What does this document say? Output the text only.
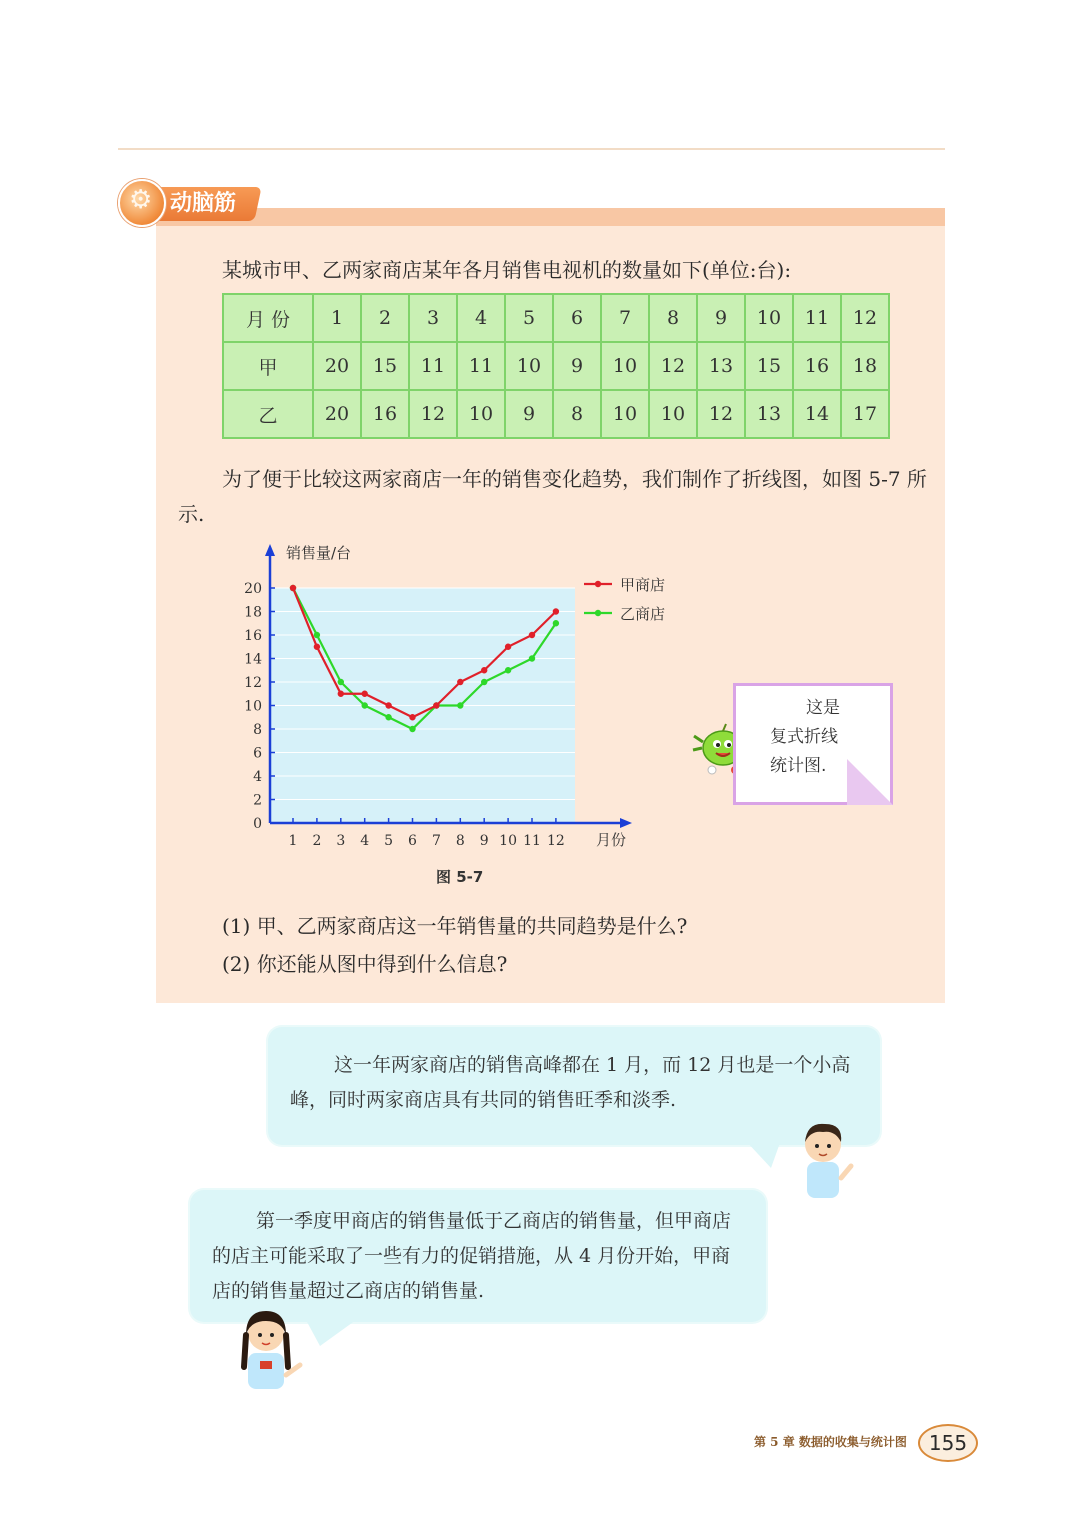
动脑筋
⚙
某城市甲、乙两家商店某年各月销售电视机的数量如下(单位:台):
月 份	1	2	3	4	5	6	7	8	9	10	11	12
甲	20	15	11	11	10	9	10	12	13	15	16	18
乙	20	16	12	10	9	8	10	10	12	13	14	17
为了便于比较这两家商店一年的销售变化趋势，我们制作了折线图，如图 5-7 所示.
0
2
4
6
8
10
12
14
16
18
20
1 2 3 4 5 6 7 8 9 10 11 12
销售量/台
月份
甲商店
乙商店
图 5-7
这是
复式折线
统计图.
(1) 甲、乙两家商店这一年销售量的共同趋势是什么?
(2) 你还能从图中得到什么信息?
这一年两家商店的销售高峰都在 1 月，而 12 月也是一个小高峰，同时两家商店具有共同的销售旺季和淡季.
第一季度甲商店的销售量低于乙商店的销售量，但甲商店的店主可能采取了一些有力的促销措施，从 4 月份开始，甲商店的销售量超过乙商店的销售量.
第 5 章 数据的收集与统计图	155
